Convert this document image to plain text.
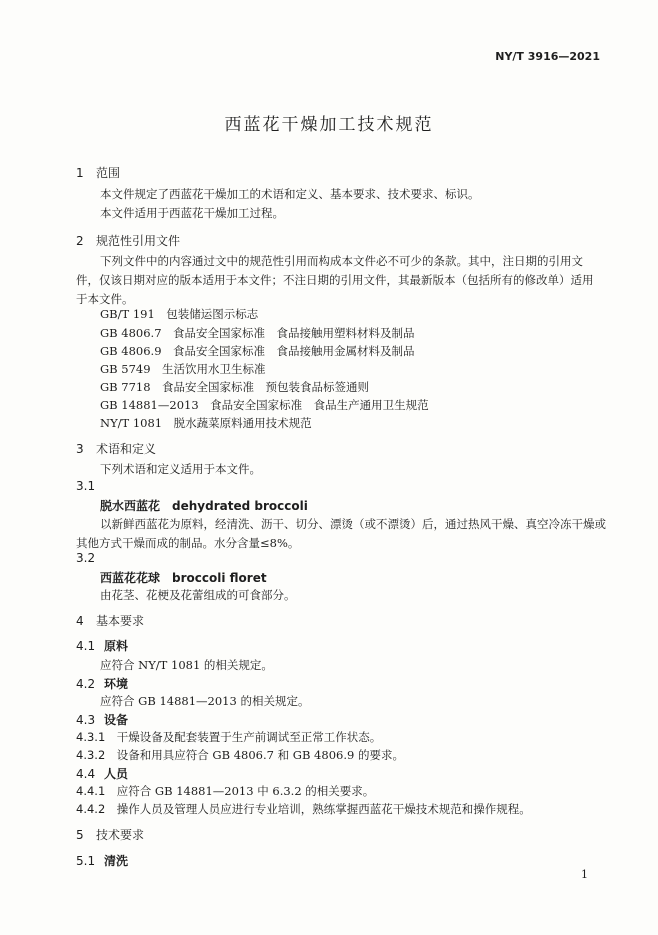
NY/T 3916—2021
西蓝花干燥加工技术规范
1 范围
本文件规定了西蓝花干燥加工的术语和定义、基本要求、技术要求、标识。
本文件适用于西蓝花干燥加工过程。
2 规范性引用文件
下列文件中的内容通过文中的规范性引用而构成本文件必不可少的条款。其中，注日期的引用文件，仅该日期对应的版本适用于本文件；不注日期的引用文件，其最新版本（包括所有的修改单）适用于本文件。
GB/T 191　包装储运图示标志
GB 4806.7　食品安全国家标准　食品接触用塑料材料及制品
GB 4806.9　食品安全国家标准　食品接触用金属材料及制品
GB 5749　生活饮用水卫生标准
GB 7718　食品安全国家标准　预包装食品标签通则
GB 14881—2013　食品安全国家标准　食品生产通用卫生规范
NY/T 1081　脱水蔬菜原料通用技术规范
3 术语和定义
下列术语和定义适用于本文件。
3.1
脱水西蓝花　 dehydrated broccoli
以新鲜西蓝花为原料，经清洗、沥干、切分、漂烫（或不漂烫）后，通过热风干燥、真空冷冻干燥或其他方式干燥而成的制品。水分含量≤8%。
3.2
西蓝花花球　 broccoli floret
由花茎、花梗及花蕾组成的可食部分。
4 基本要求
4.1 原料
应符合 NY/T 1081 的相关规定。
4.2 环境
应符合 GB 14881—2013 的相关规定。
4.3 设备
4.3.1　 干燥设备及配套装置于生产前调试至正常工作状态。
4.3.2　 设备和用具应符合 GB 4806.7 和 GB 4806.9 的要求。
4.4 人员
4.4.1　 应符合 GB 14881—2013 中 6.3.2 的相关要求。
4.4.2　 操作人员及管理人员应进行专业培训，熟练掌握西蓝花干燥技术规范和操作规程。
5 技术要求
5.1 清洗
1
